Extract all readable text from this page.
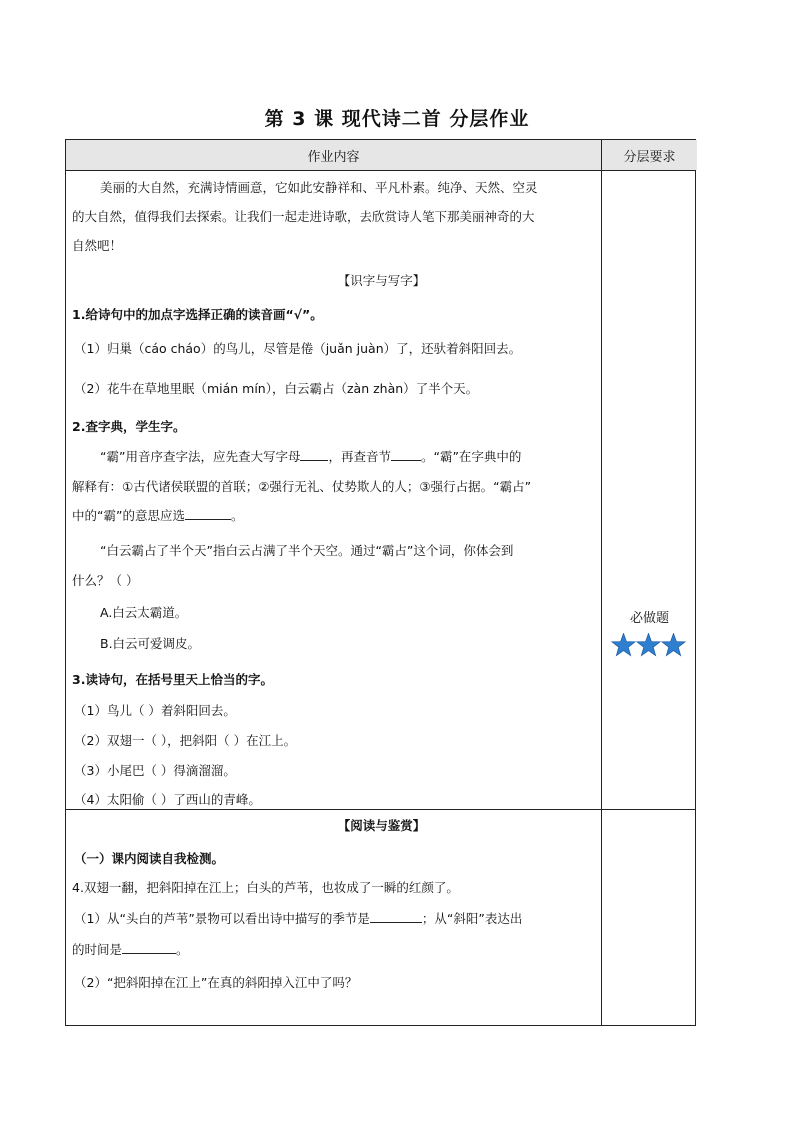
第 3 课 现代诗二首 分层作业
作业内容	分层要求
美丽的大自然，充满诗情画意，它如此安静祥和、平凡朴素。纯净、天然、空灵
的大自然，值得我们去探索。让我们一起走进诗歌，去欣赏诗人笔下那美丽神奇的大
自然吧！
【识字与写字】
1.给诗句中的加点字选择正确的读音画“√”。
（1）归巢（cáo cháo）的鸟儿，尽管是倦（juǎn juàn）了，还驮着斜阳回去。
（2）花牛在草地里眠（mián mín），白云霸占（zàn zhàn）了半个天。
2.查字典，学生字。
“霸”用音序查字法，应先查大写字母 ，再查音节 。“霸”在字典中的
解释有：①古代诸侯联盟的首联；②强行无礼、仗势欺人的人；③强行占据。“霸占”
中的“霸”的意思应选	。
“白云霸占了半个天”指白云占满了半个天空。通过“霸占”这个词，你体会到
什么？（ ）
A.白云太霸道。
B.白云可爱调皮。
3.读诗句，在括号里天上恰当的字。
（1）鸟儿（ ）着斜阳回去。
（2）双翅一（ ），把斜阳（ ）在江上。
（3）小尾巴（ ）得滴溜溜。
（4）太阳偷（ ）了西山的青峰。
必做题
【阅读与鉴赏】
（一）课内阅读自我检测。
4.双翅一翻，把斜阳掉在江上；白头的芦苇，也妆成了一瞬的红颜了。
（1）从“头白的芦苇”景物可以看出诗中描写的季节是	；从“斜阳”表达出
的时间是	。
（2）“把斜阳掉在江上”在真的斜阳掉入江中了吗？
